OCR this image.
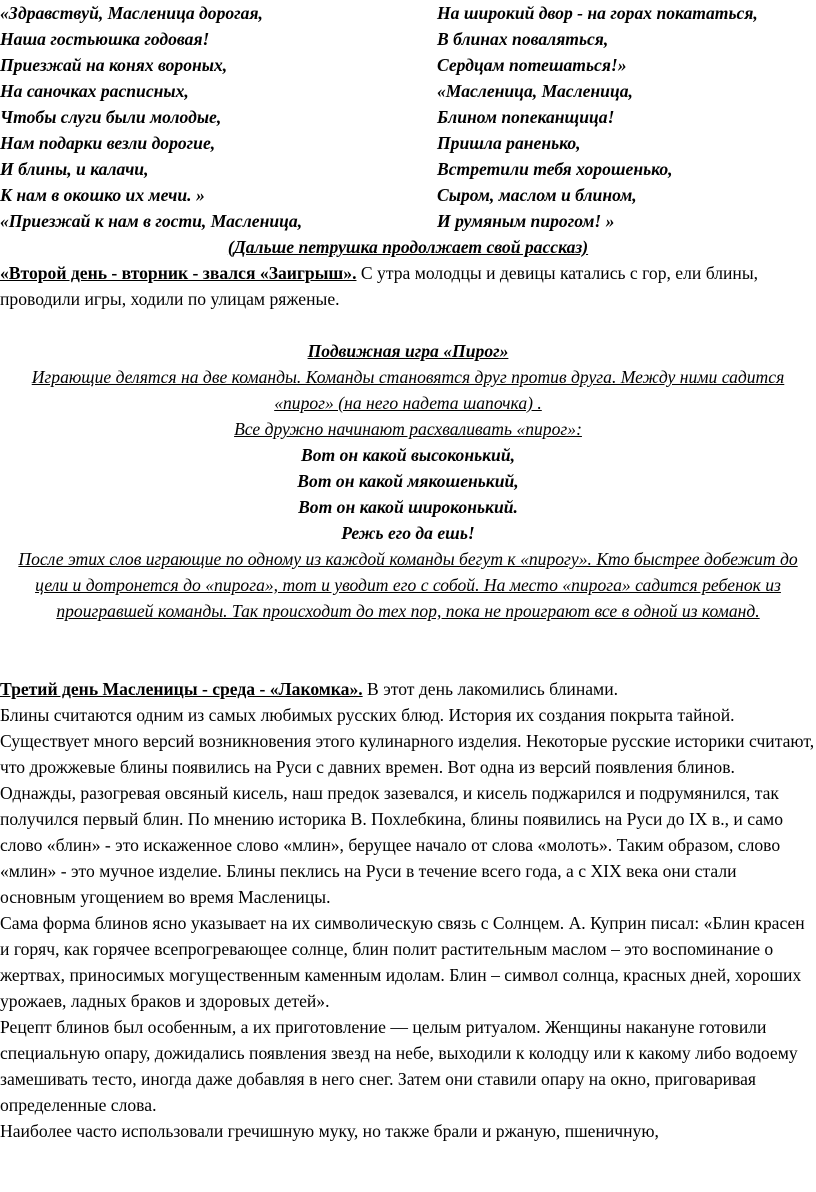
«Здравствуй, Масленица дорогая,
Наша гостьюшка годовая!
Приезжай на конях вороных,
На саночках расписных,
Чтобы слуги были молодые,
Нам подарки везли дорогие,
И блины, и калачи,
К нам в окошко их мечи. »
«Приезжай к нам в гости, Масленица,
На широкий двор - на горах покататься,
В блинах поваляться,
Сердцам потешаться!»
«Масленица, Масленица,
Блином попеканщица!
Пришла раненько,
Встретили тебя хорошенько,
Сыром, маслом и блином,
И румяным пирогом! »

(Дальше петрушка продолжает свой рассказ)

«Второй день - вторник - звался «Заигрыш». С утра молодцы и девицы катались с гор, ели блины, проводили игры, ходили по улицам ряженые.

Подвижная игра «Пирог»

Играющие делятся на две команды. Команды становятся друг против друга. Между ними садится «пирог» (на него надета шапочка) .

Все дружно начинают расхваливать «пирог»:

Вот он какой высоконький,

Вот он какой мякошенький,

Вот он какой широконький.

Режь его да ешь!

После этих слов играющие по одному из каждой команды бегут к «пирогу». Кто быстрее добежит до цели и дотронется до «пирога», тот и уводит его с собой. На место «пирога» садится ребенок из проигравшей команды. Так происходит до тех пор, пока не проиграют все в одной из команд.

Третий день Масленицы - среда - «Лакомка». В этот день лакомились блинами.

Блины считаются одним из самых любимых русских блюд. История их создания покрыта тайной. Существует много версий возникновения этого кулинарного изделия. Некоторые русские историки считают, что дрожжевые блины появились на Руси с давних времен. Вот одна из версий появления блинов.

Однажды, разогревая овсяный кисель, наш предок зазевался, и кисель поджарился и подрумянился, так получился первый блин. По мнению историка В. Похлебкина, блины появились на Руси до IX в., и само слово «блин» - это искаженное слово «млин», берущее начало от слова «молоть». Таким образом, слово «млин» - это мучное изделие. Блины пеклись на Руси в течение всего года, а с XIX века они стали основным угощением во время Масленицы.

Сама форма блинов ясно указывает на их символическую связь с Солнцем. А. Куприн писал: «Блин красен и горяч, как горячее всепрогревающее солнце, блин полит растительным маслом – это воспоминание о жертвах, приносимых могущественным каменным идолам. Блин – символ солнца, красных дней, хороших урожаев, ладных браков и здоровых детей».

Рецепт блинов был особенным, а их приготовление — целым ритуалом. Женщины накануне готовили специальную опару, дожидались появления звезд на небе, выходили к колодцу или к какому либо водоему замешивать тесто, иногда даже добавляя в него снег. Затем они ставили опару на окно, приговаривая определенные слова.

Наиболее часто использовали гречишную муку, но также брали и ржаную, пшеничную,
